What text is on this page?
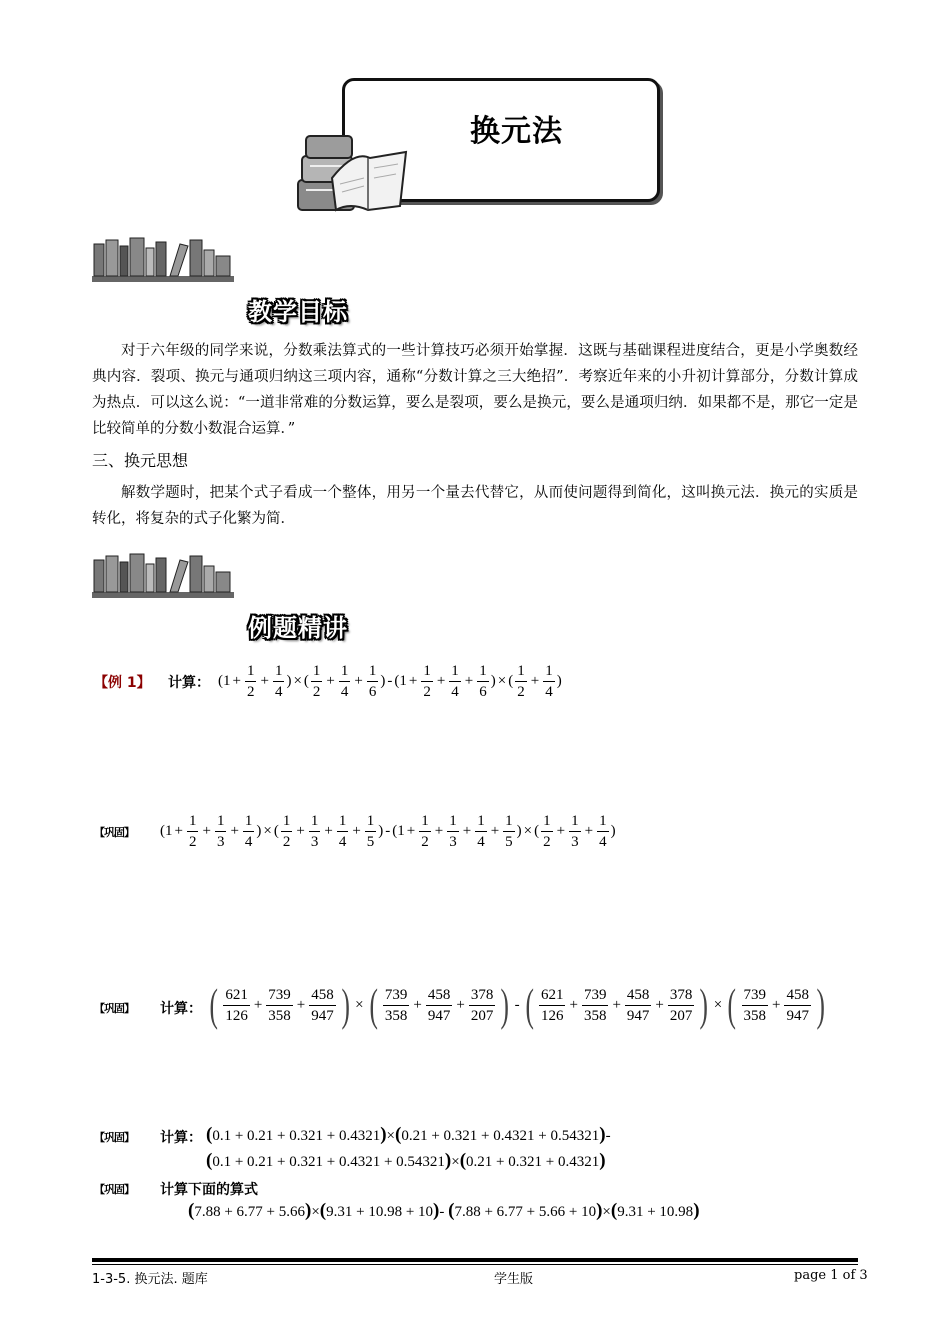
换元法
教学目标
对于六年级的同学来说，分数乘法算式的一些计算技巧必须开始掌握．这既与基础课程进度结合，更是小学奥数经典内容．裂项、换元与通项归纳这三项内容，通称“分数计算之三大绝招”．考察近年来的小升初计算部分，分数计算成为热点．可以这么说：“一道非常难的分数运算，要么是裂项，要么是换元，要么是通项归纳．如果都不是，那它一定是比较简单的分数小数混合运算．”
三、换元思想
解数学题时，把某个式子看成一个整体，用另一个量去代替它，从而使问题得到简化，这叫换元法．换元的实质是转化，将复杂的式子化繁为简．
例题精讲
【例 1】 计算： ( $1 + \frac{1}{2} + \frac{1}{4}$ ) × ( $\frac{1}{2} + \frac{1}{4} + \frac{1}{6}$ ) - ( $1 + \frac{1}{2} + \frac{1}{4} + \frac{1}{6}$ ) × ( $\frac{1}{2} + \frac{1}{4}$ )
【巩固】 ( $1 + \frac{1}{2} + \frac{1}{3} + \frac{1}{4}$ ) × ( $\frac{1}{2} + \frac{1}{3} + \frac{1}{4} + \frac{1}{5}$ ) - ( $1 + \frac{1}{2} + \frac{1}{3} + \frac{1}{4} + \frac{1}{5}$ ) × ( $\frac{1}{2} + \frac{1}{3} + \frac{1}{4}$ )
【巩固】 计算： ( $\frac{621}{126} + \frac{739}{358} + \frac{458}{947}$ ) × ( $\frac{739}{358} + \frac{458}{947} + \frac{378}{207}$ ) - ( $\frac{621}{126} + \frac{739}{358} + \frac{458}{947} + \frac{378}{207}$ ) × ( $\frac{739}{358} + \frac{458}{947}$ )
【巩固】 计算： (0.1 + 0.21 + 0.321 + 0.4321)×(0.21 + 0.321 + 0.4321 + 0.54321)-
(0.1 + 0.21 + 0.321 + 0.4321 + 0.54321)×(0.21 + 0.321 + 0.4321)
【巩固】 计算下面的算式
(7.88 + 6.77 + 5.66)×(9.31 + 10.98 + 10)- (7.88 + 6.77 + 5.66 + 10)×(9.31 + 10.98)
1-3-5. 换元法. 题库	学生版	page 1 of 3
